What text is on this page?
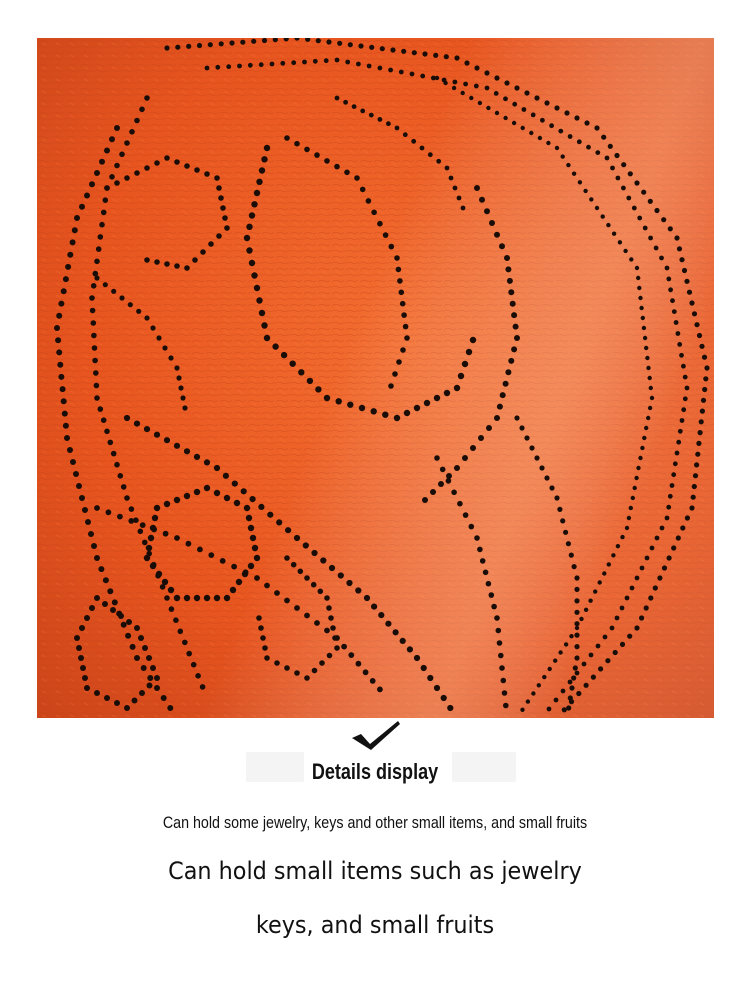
Details display
Can hold some jewelry, keys and other small items, and small fruits
Can hold small items such as jewelry
keys, and small fruits
